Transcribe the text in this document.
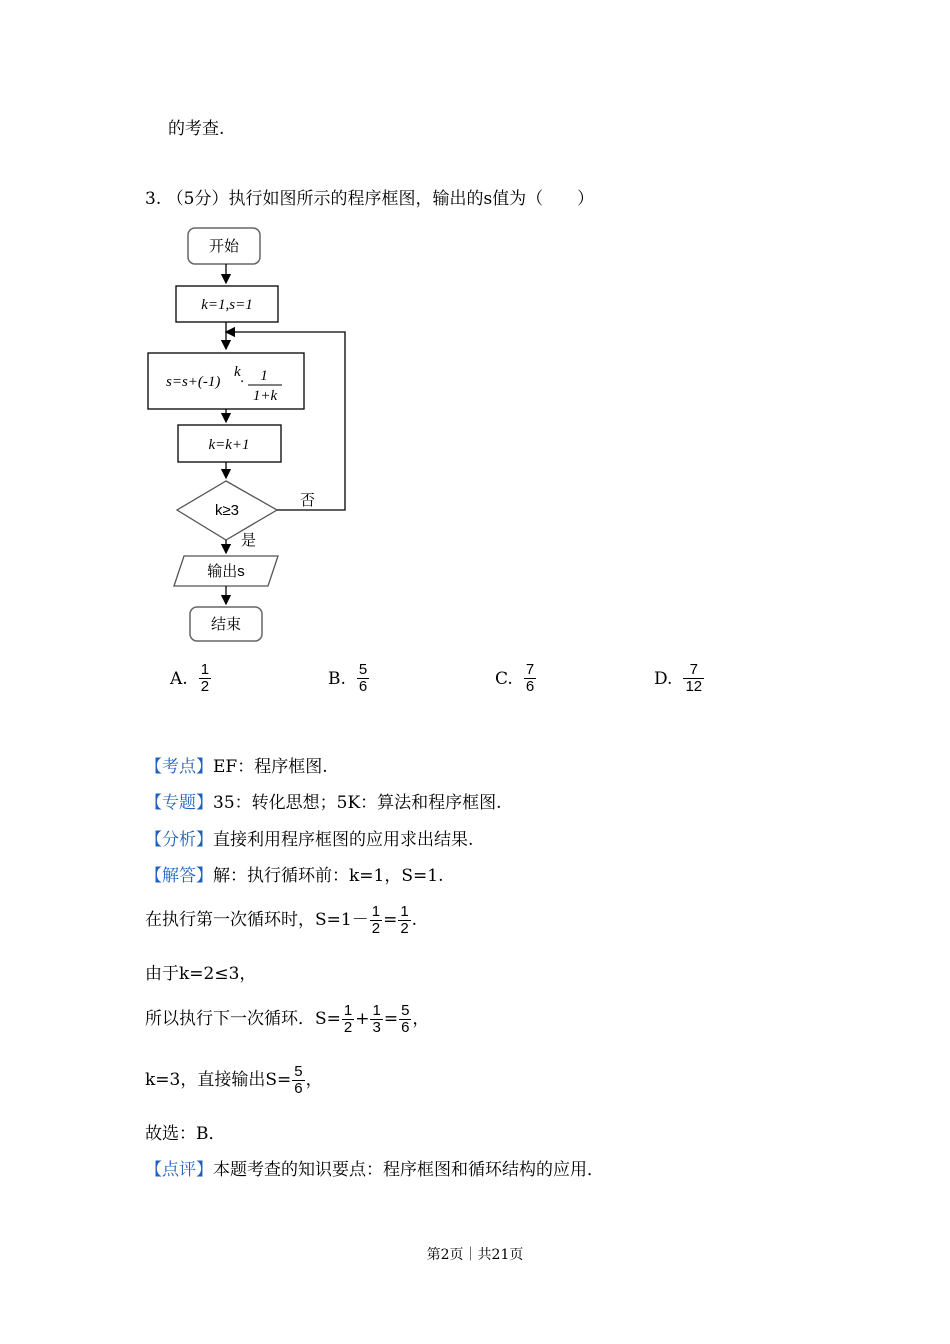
的考查.
3. （5分）执行如图所示的程序框图，输出的s值为（　　）
开始
k=1,s=1
s=s+(-1)
k
· 1
1+k
k=k+1
k≥3
否
是
输出s
结束
A. $\frac{1}{2}$	B. $\frac{5}{6}$	C. $\frac{7}{6}$	D. $\frac{7}{12}$
【考点】EF：程序框图.
【专题】35：转化思想；5K：算法和程序框图.
【分析】直接利用程序框图的应用求出结果.
【解答】解：执行循环前：k=1，S=1.
在执行第一次循环时，$S=1- \frac{1}{2} = \frac{1}{2}$ .
由于k=2≤3，
所以执行下一次循环．$S= \frac{1}{2} + \frac{1}{3} = \frac{5}{6}$ ，
k=3，直接输出$S= \frac{5}{6}$ ，
故选：B．
【点评】本题考查的知识要点：程序框图和循环结构的应用．
第2页｜共21页
